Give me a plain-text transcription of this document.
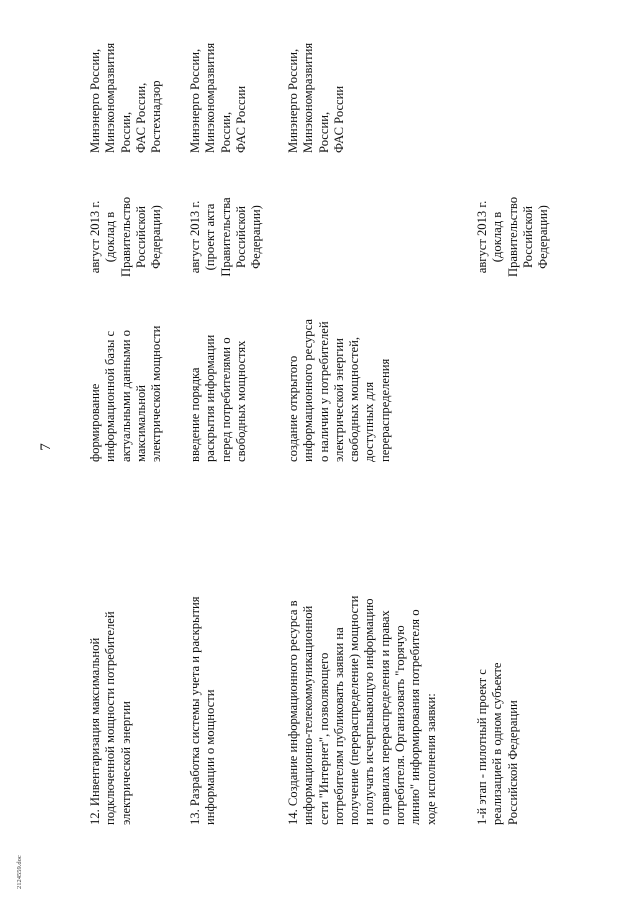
7
12. Инвентаризация максимальной
подключенной мощности потребителей
электрической энергии
формирование
информационной базы с
актуальными данными о
максимальной
электрической мощности
август 2013 г.
(доклад в
Правительство
Российской
Федерации)
Минэнерго России,
Минэкономразвития
России,
ФАС России,
Ростехнадзор
13. Разработка системы учета и раскрытия
информации о мощности
введение порядка
раскрытия информации
перед потребителями о
свободных мощностях
август 2013 г.
(проект акта
Правительства
Российской
Федерации)
Минэнерго России,
Минэкономразвития
России,
ФАС России
14. Создание информационного ресурса в
информационно-телекоммуникационной
сети "Интернет", позволяющего
потребителям публиковать заявки на
получение (перераспределение) мощности
и получать исчерпывающую информацию
о правилах перераспределения и правах
потребителя. Организовать "горячую
линию" информирования потребителя о
ходе исполнения заявки:
создание открытого
информационного ресурса
о наличии у потребителей
электрической энергии
свободных мощностей,
доступных для
перераспределения
Минэнерго России,
Минэкономразвития
России,
ФАС России
1-й этап - пилотный проект с
реализацией в одном субъекте
Российской Федерации
август 2013 г.
(доклад в
Правительство
Российской
Федерации)
2124559.doc
